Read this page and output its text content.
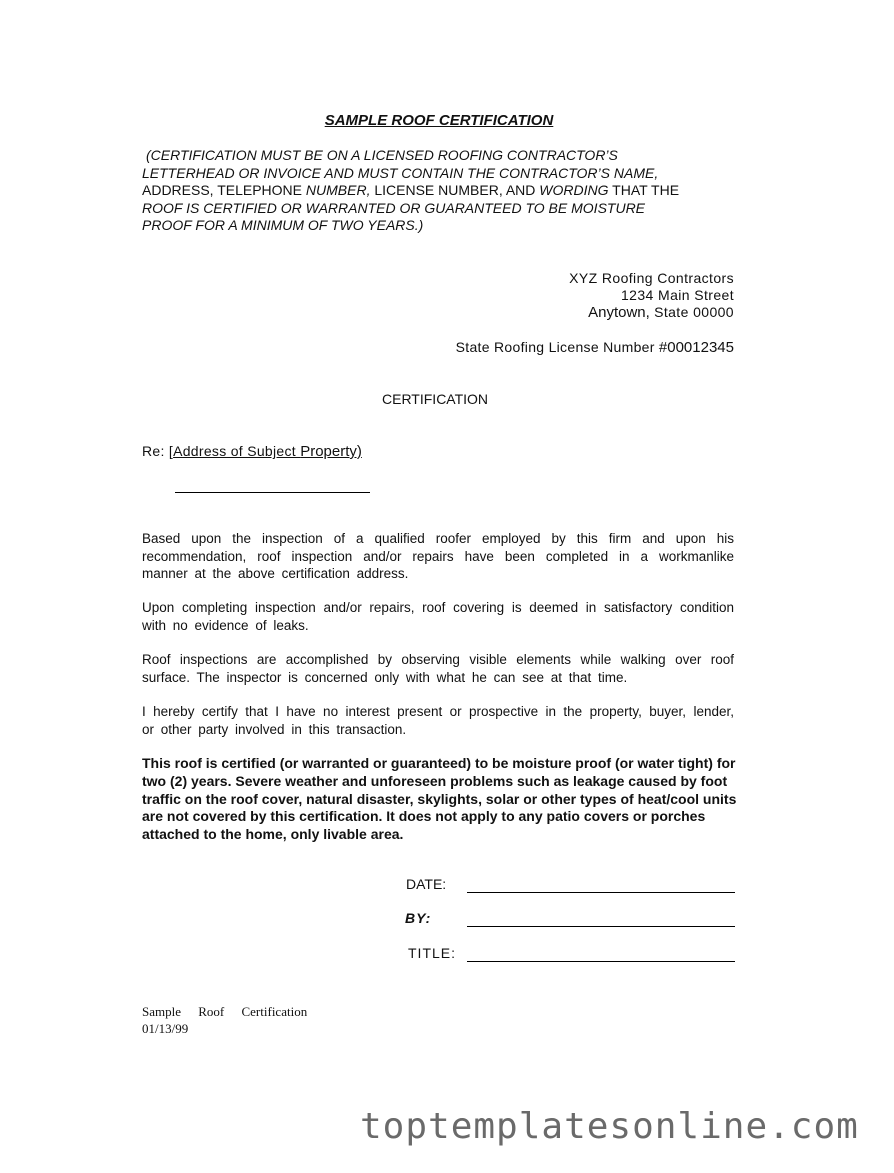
SAMPLE ROOF CERTIFICATION
(CERTIFICATION MUST BE ON A LICENSED ROOFING CONTRACTOR’S
LETTERHEAD OR INVOICE AND MUST CONTAIN THE CONTRACTOR’S NAME,
ADDRESS, TELEPHONE NUMBER, LICENSE NUMBER, AND WORDING THAT THE
ROOF IS CERTIFIED OR WARRANTED OR GUARANTEED TO BE MOISTURE
PROOF FOR A MINIMUM OF TWO YEARS.)
XYZ Roofing Contractors
1234 Main Street
Anytown, State 00000
State Roofing License Number #00012345
CERTIFICATION
Re: [Address of Subject Property)
Based upon the inspection of a qualified roofer employed by this firm and upon his recommendation, roof inspection and/or repairs have been completed in a workmanlike manner at the above certification address.
Upon completing inspection and/or repairs, roof covering is deemed in satisfactory condition with no evidence of leaks.
Roof inspections are accomplished by observing visible elements while walking over roof surface. The inspector is concerned only with what he can see at that time.
I hereby certify that I have no interest present or prospective in the property, buyer, lender, or other party involved in this transaction.
This roof is certified (or warranted or guaranteed) to be moisture proof (or water tight) for two (2) years. Severe weather and unforeseen problems such as leakage caused by foot traffic on the roof cover, natural disaster, skylights, solar or other types of heat/cool units are not covered by this certification. It does not apply to any patio covers or porches attached to the home, only livable area.
DATE:
BY:
TITLE:
Sample Roof Certification
01/13/99
toptemplatesonline.com
